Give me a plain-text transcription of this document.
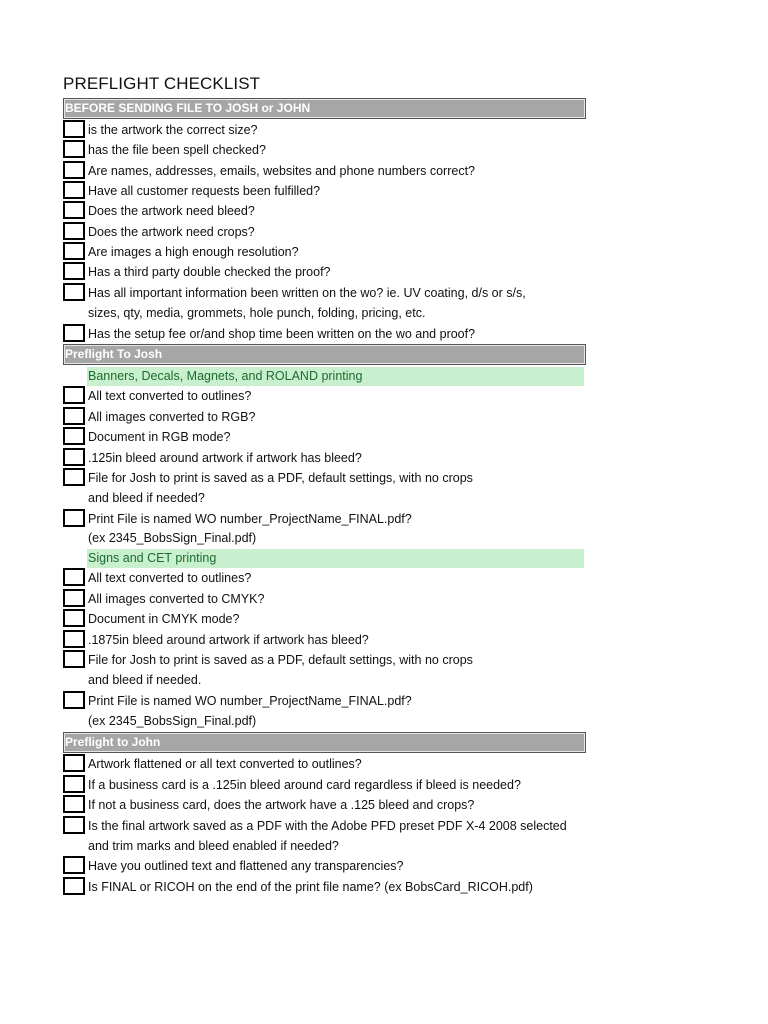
PREFLIGHT CHECKLIST
BEFORE SENDING FILE TO JOSH or JOHN
is the artwork the correct size?
has the file been spell checked?
Are names, addresses, emails, websites and phone numbers correct?
Have all customer requests been fulfilled?
Does the artwork need bleed?
Does the artwork need crops?
Are images a high enough resolution?
Has a third party double checked the proof?
Has all important information been written on the wo? ie. UV coating, d/s or s/s,
sizes, qty, media, grommets, hole punch, folding, pricing, etc.
Has the setup fee or/and shop time been written on the wo and proof?
Preflight To Josh
Banners, Decals, Magnets, and ROLAND printing
All text converted to outlines?
All images converted to RGB?
Document in RGB mode?
.125in bleed around artwork if artwork has bleed?
File for Josh to print is saved as a PDF, default settings, with no crops
and bleed if needed?
Print File is named WO number_ProjectName_FINAL.pdf?
(ex 2345_BobsSign_Final.pdf)
Signs and CET printing
All text converted to outlines?
All images converted to CMYK?
Document in CMYK mode?
.1875in bleed around artwork if artwork has bleed?
File for Josh to print is saved as a PDF, default settings, with no crops
and bleed if needed.
Print File is named WO number_ProjectName_FINAL.pdf?
(ex 2345_BobsSign_Final.pdf)
Preflight to John
Artwork flattened or all text converted to outlines?
If a business card is a .125in bleed around card regardless if bleed is needed?
If not a business card, does the artwork have a .125 bleed and crops?
Is the final artwork saved as a PDF with the Adobe PFD preset PDF X-4 2008 selected
and trim marks and bleed enabled if needed?
Have you outlined text and flattened any transparencies?
Is FINAL or RICOH on the end of the print file name? (ex BobsCard_RICOH.pdf)
